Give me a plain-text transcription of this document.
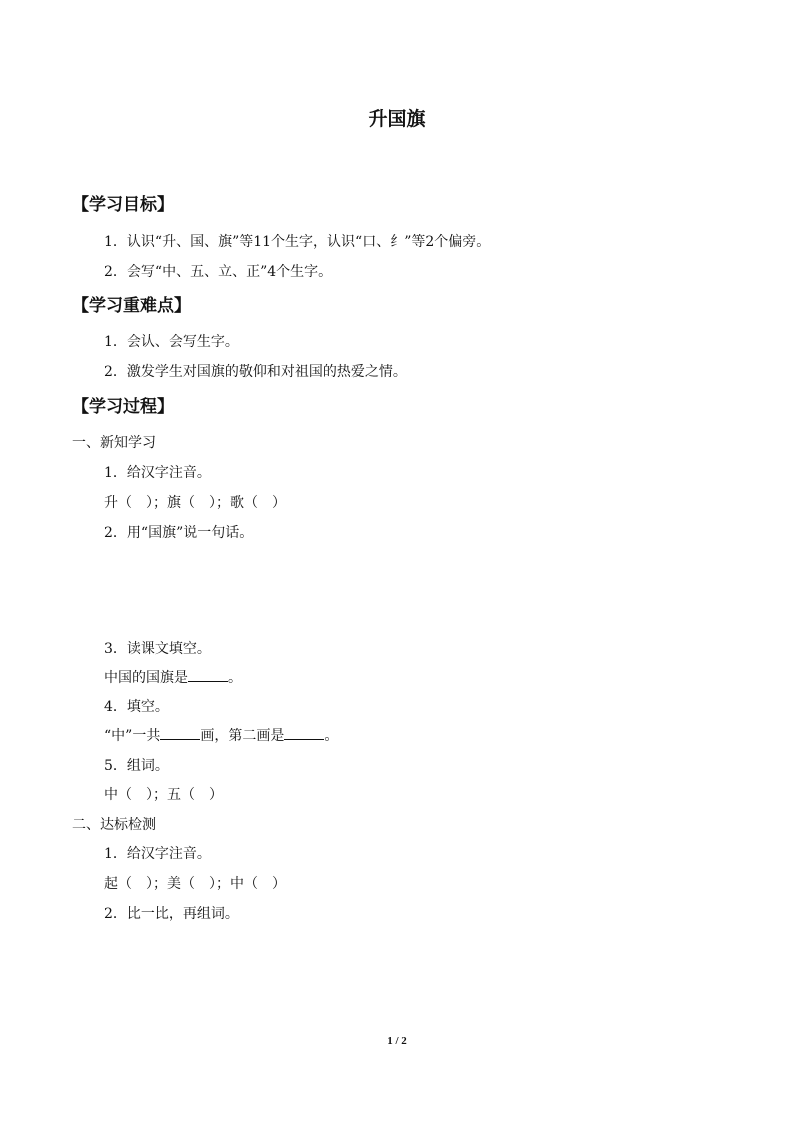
升国旗
【学习目标】
1．认识“升、国、旗”等11个生字，认识“口、纟”等2个偏旁。
2．会写“中、五、立、正”4个生字。
【学习重难点】
1．会认、会写生字。
2．激发学生对国旗的敬仰和对祖国的热爱之情。
【学习过程】
一、新知学习
1．给汉字注音。
升（　）；旗（　）；歌（　）
2．用“国旗”说一句话。
3．读课文填空。
中国的国旗是	。
4．填空。
“中”一共	画，第二画是	。
5．组词。
中（　）；五（　）
二、达标检测
1．给汉字注音。
起（　）；美（　）；中（　）
2．比一比，再组词。
1 / 2
